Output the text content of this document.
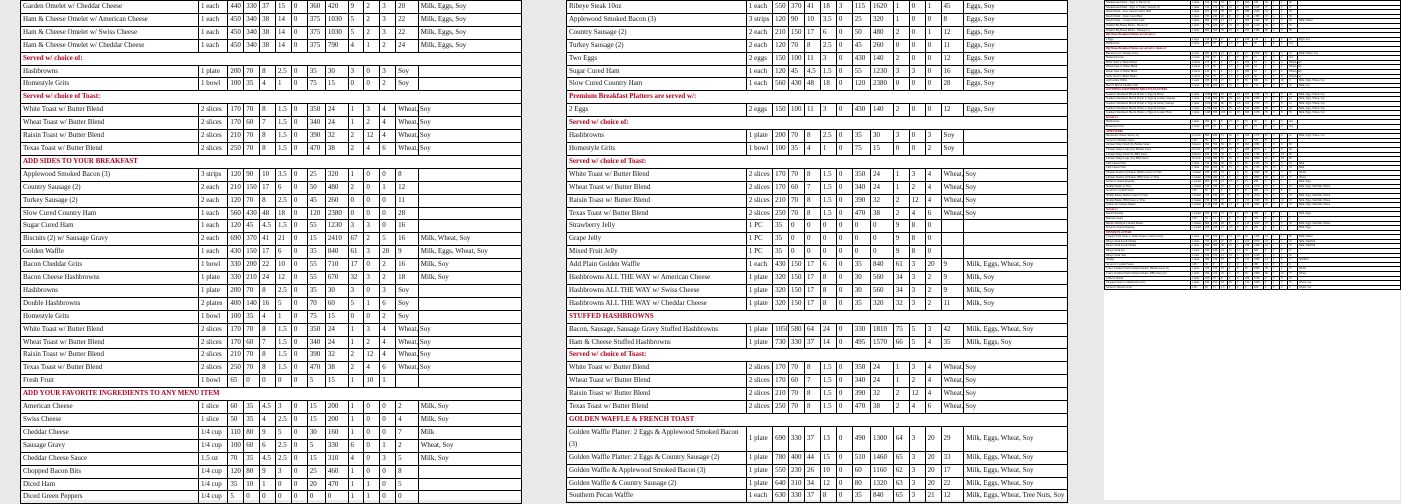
Garden Omelet w/ Cheddar Cheese	1 each	440	330	37	15	0	360	420	9	2	3	20	Milk, Eggs, Soy
Ham & Cheese Omelet w/ American Cheese	1 each	450	340	38	14	0	375	1030	5	2	3	22	Milk, Eggs, Soy
Ham & Cheese Omelet w/ Swiss Cheese	1 each	450	340	38	14	0	375	1030	5	2	3	22	Milk, Eggs, Soy
Ham & Cheese Omelet w/ Cheddar Cheese	1 each	450	340	38	14	0	375	790	4	1	2	24	Milk, Eggs, Soy
Served w/ choice of:													
Hashbrowns	1 plate	200	70	8	2.5	0	35	30	3	0	3	Soy	
Homestyle Grits	1 bowl	100	35	4	1	0	75	15	0	0	2	Soy	
Served w/ choice of Toast:													
White Toast w/ Butter Blend	2 slices	170	70	8	1.5	0	350	24	1	3	4	Wheat, Soy	
Wheat Toast w/ Butter Blend	2 slices	170	60	7	1.5	0	340	24	1	2	4	Wheat, Soy	
Raisin Toast w/ Butter Blend	2 slices	210	70	8	1.5	0	390	32	2	12	4	Wheat, Soy	
Texas Toast w/ Butter Blend	2 slices	250	70	8	1.5	0	470	38	2	4	6	Wheat, Soy	
ADD SIDES TO YOUR BREAKFAST													
Applewood Smoked Bacon (3)	3 strips	120	90	10	3.5	0	25	320	1	0	0	8	
Country Sausage (2)	2 each	210	150	17	6	0	50	480	2	0	1	12	
Turkey Sausage (2)	2 each	120	70	8	2.5	0	45	260	0	0	0	11	
Slow Cured Country Ham	1 each	560	430	48	18	0	120	2380	0	0	0	28	
Sugar Cured Ham	1 each	120	45	4.5	1.5	0	55	1230	3	3	0	16	
Biscuits (2) w/ Sausage Gravy	2 each	690	370	41	21	0	15	2410	67	2	5	16	Milk, Wheat, Soy
Golden Waffle	1 each	430	150	17	6	0	35	840	61	3	20	9	Milk, Eggs, Wheat, Soy
Bacon Cheddar Grits	1 bowl	330	200	22	10	0	55	710	17	0	2	16	Milk, Soy
Bacon Cheese Hashbrowns	1 plate	330	210	24	12	0	55	670	32	3	2	18	Milk, Soy
Hashbrowns	1 plate	200	70	8	2.5	0	35	30	3	0	3	Soy	
Double Hashbrowns	2 plates	400	140	16	5	0	70	60	5	1	6	Soy	
Homestyle Grits	1 bowl	100	35	4	1	0	75	15	0	0	2	Soy	
White Toast w/ Butter Blend	2 slices	170	70	8	1.5	0	350	24	1	3	4	Wheat, Soy	
Wheat Toast w/ Butter Blend	2 slices	170	60	7	1.5	0	340	24	1	2	4	Wheat, Soy	
Raisin Toast w/ Butter Blend	2 slices	210	70	8	1.5	0	390	32	2	12	4	Wheat, Soy	
Texas Toast w/ Butter Blend	2 slices	250	70	8	1.5	0	470	38	2	4	6	Wheat, Soy	
Fresh Fruit	1 bowl	65	0	0	0	0	5	15	1	10	1		
ADD YOUR FAVORITE INGREDIENTS TO ANY MENU ITEM													
American Cheese	1 slice	60	35	4.5	3	0	15	200	1	0	0	2	Milk, Soy
Swiss Cheese	1 slice	50	35	4	2.5	0	15	200	1	0	0	4	Milk, Soy
Cheddar Cheese	1/4 cup	110	80	9	5	0	30	160	1	0	0	7	Milk
Sausage Gravy	1/4 cup	100	60	6	2.5	0	5	330	6	0	1	2	Wheat, Soy
Cheddar Cheese Sauce	1.5 oz	70	35	4.5	2.5	0	15	310	4	0	3	5	Milk, Soy
Chopped Bacon Bits	1/4 cup	120	80	9	3	0	25	460	1	0	0	8	
Diced Ham	1/4 cup	35	10	1	0	0	20	470	1	1	0	5	
Diced Green Peppers	1/4 cup	5	0	0	0	0	0	0	1	1	0	0	
Ribeye Steak 10oz	1 each	550	370	41	18	3	115	1620	1	0	1	45	Eggs, Soy
Applewood Smoked Bacon (3)	3 strips	120	90	10	3.5	0	25	320	1	0	0	8	Eggs, Soy
Country Sausage (2)	2 each	210	150	17	6	0	50	480	2	0	1	12	Eggs, Soy
Turkey Sausage (2)	2 each	120	70	8	2.5	0	45	260	0	0	0	11	Eggs, Soy
Two Eggs	2 eggs	150	100	11	3	0	430	140	2	0	0	12	Eggs, Soy
Sugar Cured Ham	1 each	120	45	4.5	1.5	0	55	1230	3	3	0	16	Eggs, Soy
Slow Cured Country Ham	1 each	560	430	48	18	0	120	2380	0	0	0	28	Eggs, Soy
Premium Breakfast Platters are served w/:													
2 Eggs	2 eggs	150	100	11	3	0	430	140	2	0	0	12	Eggs, Soy
Served w/ choice of:													
Hashbrowns	1 plate	200	70	8	2.5	0	35	30	3	0	3	Soy	
Homestyle Grits	1 bowl	100	35	4	1	0	75	15	0	0	2	Soy	
Served w/ choice of Toast:													
White Toast w/ Butter Blend	2 slices	170	70	8	1.5	0	350	24	1	3	4	Wheat, Soy	
Wheat Toast w/ Butter Blend	2 slices	170	60	7	1.5	0	340	24	1	2	4	Wheat, Soy	
Raisin Toast w/ Butter Blend	2 slices	210	70	8	1.5	0	390	32	2	12	4	Wheat, Soy	
Texas Toast w/ Butter Blend	2 slices	250	70	8	1.5	0	470	38	2	4	6	Wheat, Soy	
Strawberry Jelly	1 PC	35	0	0	0	0	0	0	9	8	0		
Grape Jelly	1 PC	35	0	0	0	0	0	0	9	8	0		
Mixed Fruit Jelly	1 PC	35	0	0	0	0	0	0	9	8	0		
Add Plain Golden Waffle	1 each	430	150	17	6	0	35	840	61	3	20	9	Milk, Eggs, Wheat, Soy
Hashbrowns ALL THE WAY w/ American Cheese	1 plate	320	150	17	8	0	30	560	34	3	2	9	Milk, Soy
Hashbrowns ALL THE WAY w/ Swiss Cheese	1 plate	320	150	17	8	0	30	560	34	3	2	9	Milk, Soy
Hashbrowns ALL THE WAY w/ Cheddar Cheese	1 plate	320	150	17	8	0	35	320	32	3	2	11	Milk, Soy
STUFFED HASHBROWNS													
Bacon, Sausage, Sausage Gravy Stuffed Hashbrowns	1 plate	1050	580	64	24	0	330	1810	75	5	3	42	Milk, Eggs, Wheat, Soy
Ham & Cheese Stuffed Hashbrowns	1 plate	730	330	37	14	0	495	1570	66	5	4	35	Milk, Eggs, Soy
Served w/ choice of Toast:													
White Toast w/ Butter Blend	2 slices	170	70	8	1.5	0	350	24	1	3	4	Wheat, Soy	
Wheat Toast w/ Butter Blend	2 slices	170	60	7	1.5	0	340	24	1	2	4	Wheat, Soy	
Raisin Toast w/ Butter Blend	2 slices	210	70	8	1.5	0	390	32	2	12	4	Wheat, Soy	
Texas Toast w/ Butter Blend	2 slices	250	70	8	1.5	0	470	38	2	4	6	Wheat, Soy	
GOLDEN WAFFLE & FRENCH TOAST													
Golden Waffle Platter: 2 Eggs & Applewood Smoked Bacon (3)	1 plate	690	330	37	13	0	490	1300	64	3	20	29	Milk, Eggs, Wheat, Soy
Golden Waffle Platter: 2 Eggs & Country Sausage (2)	1 plate	780	400	44	15	0	510	1460	65	3	20	33	Milk, Eggs, Wheat, Soy
Golden Waffle & Applewood Smoked Bacon (3)	1 plate	550	230	26	10	0	60	1160	62	3	20	17	Milk, Eggs, Wheat, Soy
Golden Waffle & Country Sausage (2)	1 plate	640	310	34	12	0	80	1320	63	3	20	22	Milk, Eggs, Wheat, Soy
Southern Pecan Waffle	1 each	630	330	37	8	0	35	840	65	3	21	12	Milk, Eggs, Wheat, Tree Nuts, Soy
Smokehouse Platter - Eggs w/ Bacon (3)	1 plate	520	290	32	11	0	485	430	34	1	4	30	
Smokehouse Platter - Eggs w/ Turkey Sausage (2)	1 plate	510	270	30	10	0	505	1180	37	1	5	27	
Ranch Platter - Slow Cured Country Ham	1 plate	870	520	58	19	0	580	2540	34	1	4	50	
Ranch Platter - Sugar Cured Ham	1 plate	530	240	26	8	0	510	1380	37	4	4	38	
Ranch Platter - Country Fried Steak	1 plate	690	370	41	14	1	500	1420	58	2	5	26	Milk, Wheat
Original Big House Platter - Bacon (3)	1 plate	770	420	47	16	0	525	1210	59	2	5	35	
Original Big House Platter - Sausage (2)	1 plate	860	500	56	19	0	550	1360	60	2	6	39	
Big House Breakfast Platters are served w/:													
2 Eggs	2 eggs	150	100	11	3	0	430	140	2	0	0	12	Eggs, Soy
Hashbrowns	1 plate	200	70	8	2.5	0	35	30	3	0	3	Soy	
Big House Breakfast Platters are served w/ choice of:													
Biscuits (2) w/ Sausage Gravy	2 each	690	370	41	21	0	15	2410	67	2	5	16	Milk, Wheat, Soy
Homestyle Grits	1 bowl	100	35	4	1	0	75	15	0	0	2	Soy	
White Toast w/ Butter Blend	2 slices	170	70	8	1.5	0	350	24	1	3	4	Wheat, Soy	
Wheat Toast w/ Butter Blend	2 slices	170	60	7	1.5	0	340	24	1	2	4	Wheat, Soy	
Raisin Toast w/ Butter Blend	2 slices	210	70	8	1.5	0	390	32	2	12	4	Wheat, Soy	
Texas Toast w/ Butter Blend	2 slices	250	70	8	1.5	0	470	38	2	4	6	Wheat, Soy	
Add Golden Waffle	1 each	430	150	17	6	0	35	840	61	3	20	9	Milk, Eggs, Wheat, Soy
Hash 'n Biscuit Cheddar Grits	1 bowl	330	200	22	10	0	55	710	17	0	2	16	Milk, Soy
SOUTHERN SMOTHERED BISCUITS PLATTERS													
Southern Smothered Biscuit Platter w/ Eggs & Bacon	1 plate	1060	560	62	26	0.5	505	2230	76	3	8	38	Milk, Eggs, Wheat, Soy
Southern Smothered Biscuit Platter w/ Eggs & Country Sausage	1 plate	1140	620	69	28	0.5	530	2390	77	3	8	42	Milk, Eggs, Wheat, Soy
Southern Smothered Biscuit Platter w/ Eggs & Turkey Sausage	1 plate	1050	540	60	25	0.5	525	2170	75	3	8	41	Milk, Eggs, Wheat, Soy
Southern Smothered Biscuit Platter w/ Eggs & Chicken	1 plate	1230	640	71	29	0.5	540	2860	88	3	9	62	Milk, Eggs, Wheat, Soy
Southern Smothered Biscuit Platter w/ Eggs & Country Ham	1 plate	1490	930	103	41	0.5	600	4150	76	3	8	56	Milk, Eggs, Wheat, Soy
Served w/:													
Hashbrowns	1 plate	200	70	8	2.5	0	35	30	3	0	3	Soy	
Homestyle Grits	1 bowl	100	35	4	1	0	75	15	0	0	2	Soy	
APPETIZERS													
Mozzarella Cheese Sticks (12)	12 each	890	460	51	20	0	100	2370	67	5	6	41	Milk, Eggs, Wheat, Soy
Served w/ Marinara Sauce	1 PC	50	15	2	0	0	0	370	8	5	1	2	
Chicken Wings Small (6), Buffalo Sauce	6 pieces	560	350	39	11	0	295	2800	1	0	0	50	
Chicken Wings Large (10), Buffalo Sauce	10 each	930	580	65	18	0	490	4670	2	0	0	84	
Chicken Wings Small (6), BBQ Sauce	6 pieces	630	350	39	11	0	295	1790	27	0	23	50	
Chicken Wings Large (10), BBQ Sauce	10 each	1050	580	65	18	0	490	2980	45	0	39	84	
Chili Cheese Fries	1 plate	740	360	40	18	0	65	1500	78	9	3	24	Milk
Chili Cheese Fries	1 plate	890	450	50	23	0	90	2110	81	10	4	33	Milk
Chicken Tenders (5) Basket, Buffalo Sauce w/ Fries	1 basket	930	480	53	9	0	65	3590	80	6	3	37	Wheat
Chicken Tenders (5) Basket, BBQ Sauce w/ Fries	1 basket	1000	480	53	9	0	65	2800	99	6	23	37	Wheat
Served w/ Ranch Dressing	1 packet	200	190	21	3.5	0	15	290	2	0	1	1	Milk, Eggs
Shrimp Basket w/ Fries	1 basket	720	330	37	6	0	155	1970	75	6	3	23	Milk, Eggs, Shellfish, Wheat
Served w/ Cocktail Sauce	1 PC	50	0	0	0	0	0	380	12	0	8	0	
Shrimp Basket, Buffalo Sauce w/ Fries	1 basket	720	330	37	6	0	155	2610	75	6	3	23	Milk, Eggs, Shellfish, Wheat
Shrimp Basket, BBQ Sauce w/ Fries	1 basket	790	330	37	6	0	155	1920	93	6	22	23	Milk, Eggs, Shellfish, Wheat
Double Up Sampler Basket	1 basket	1120	610	68	13	0	210	3960	92	7	5	52	Milk, Eggs, Shellfish, Wheat
Served w/:													
Ranch Dressing	1 packet	200	190	21	3.5	0	15	290	2	0	1	1	Milk, Eggs
Marinara Sauce	1 PC	50	15	2	0	0	0	370	8	5	1	2	
Buffalo Shrimp & Chicken Basket	1 basket	860	430	48	8	0	145	3640	70	5	3	38	Milk, Eggs, Shellfish, Wheat
Served w/ Ranch Dressing	1 packet	200	190	21	3.5	0	15	290	2	0	1	1	Milk, Eggs
DINNER PLATTERS													
Country Fried Steak w/ White Pepper Country Gravy	1 each	590	370	41	12	0.5	65	1330	35	1	1	20	Milk, Wheat
Ribeye Steak 6oz & Shrimp	1 plate	720	420	47	18	2	225	1870	23	1	1	51	Milk, Shellfish
Ribeye Steak 6oz & Shrimp	1 plate	890	500	56	22	3	230	2400	26	1	1	70	Milk, Shellfish
Ribeye Steak 6oz	1 each	330	220	24	11	1.5	70	920	0	0	0	27	
Ribeye Steak 10oz	1 each	550	370	41	18	3	115	1620	1	0	1	45	
Shrimp	1 plate	390	210	23	7	0	155	1060	24	2	0	17	Shellfish
Served w/ Cocktail Sauce	1 PC	50	0	0	0	0	0	380	12	0	8	0	
Crispy Southern Fried Chicken Tenders, Buffalo Sauce (5)	1 plate	520	210	23	4	0	65	2680	38	1	2	37	Wheat
Crispy Southern Fried Chicken Tenders, BBQ Sauce (5)	1 plate	590	210	23	4	0	65	1890	56	1	22	37	Wheat
Grilled Chicken	1 plate	320	70	8	2	0	160	1050	9	0	5	53	
Chopped Steak w/ Mushroom Gravy	1 plate	630	450	50	20	2	120	1600	9	1	3	35	Wheat, Soy
Served w/ Brown Gravy	1 PC	30	15	1.5	0	0	0	420	4	0	0	0	Wheat, Soy
